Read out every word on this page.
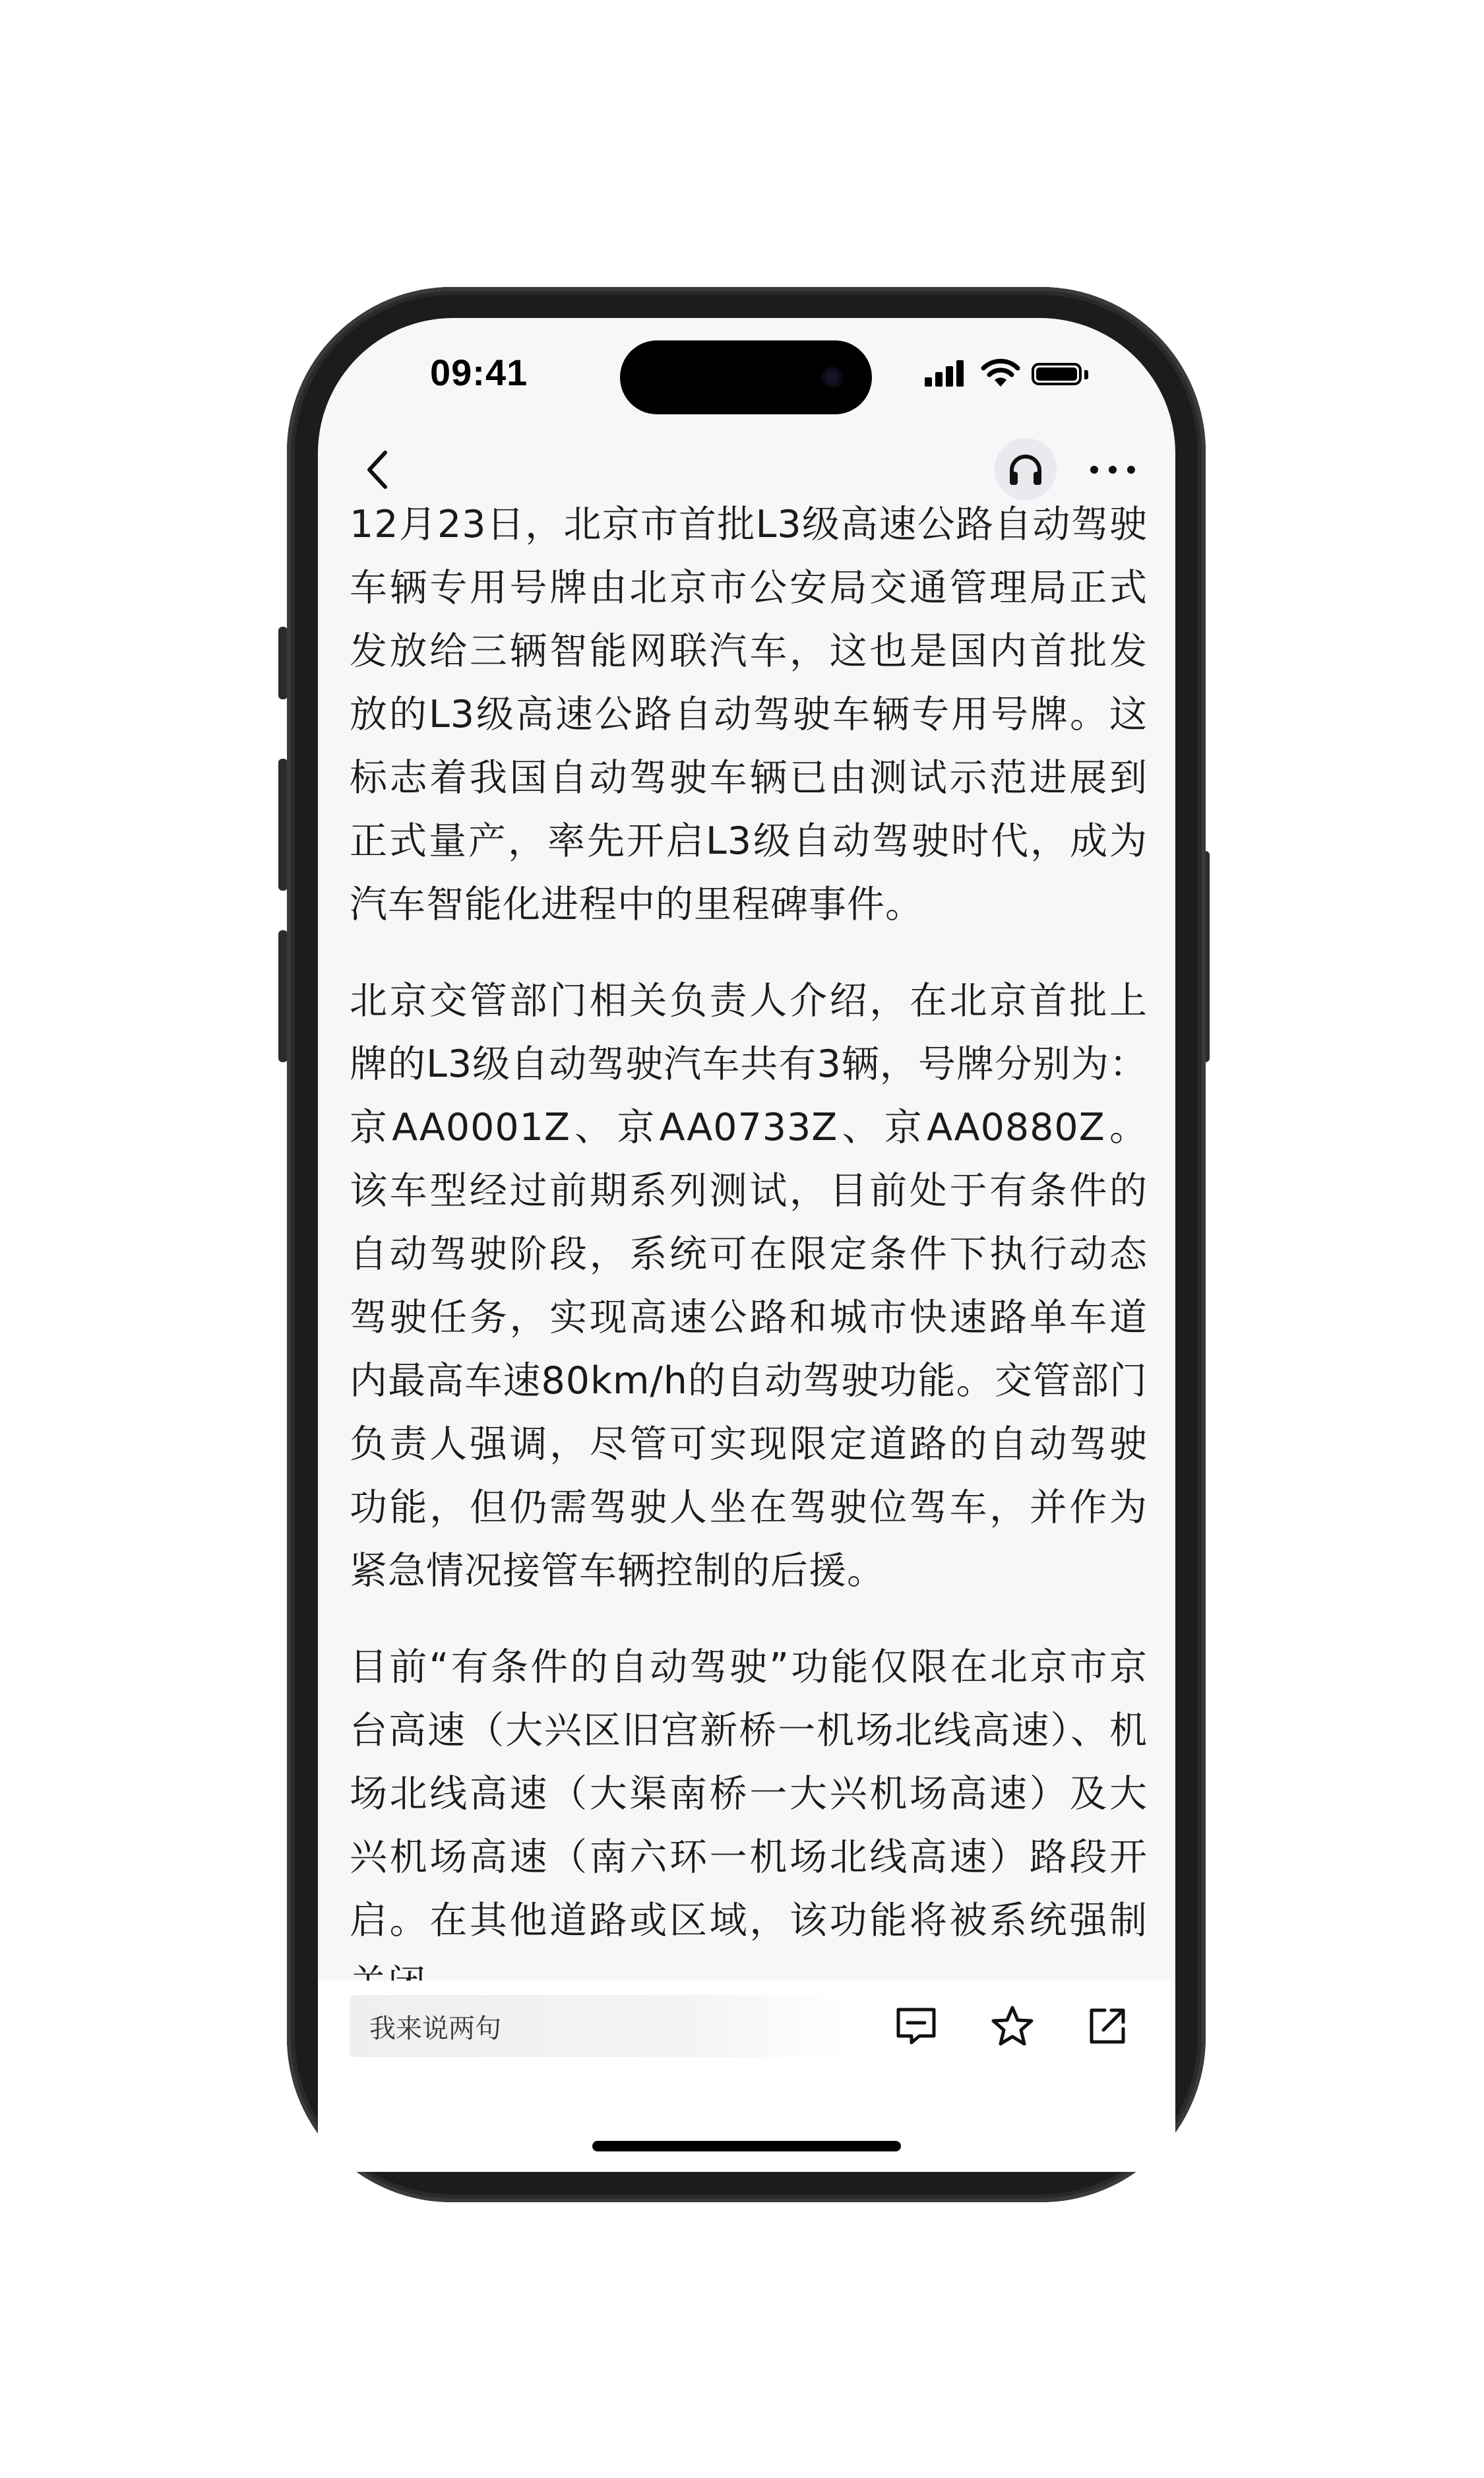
09:41

12月23日，北京市首批L3级高速公路自动驾驶车辆专用号牌由北京市公安局交通管理局正式发放给三辆智能网联汽车，这也是国内首批发放的L3级高速公路自动驾驶车辆专用号牌。这标志着我国自动驾驶车辆已由测试示范进展到正式量产，率先开启L3级自动驾驶时代，成为汽车智能化进程中的里程碑事件。

北京交管部门相关负责人介绍，在北京首批上牌的L3级自动驾驶汽车共有3辆，号牌分别为：京AA0001Z、京AA0733Z、京AA0880Z。该车型经过前期系列测试，目前处于有条件的自动驾驶阶段，系统可在限定条件下执行动态驾驶任务，实现高速公路和城市快速路单车道内最高车速80km/h的自动驾驶功能。交管部门负责人强调，尽管可实现限定道路的自动驾驶功能，但仍需驾驶人坐在驾驶位驾车，并作为紧急情况接管车辆控制的后援。

目前“有条件的自动驾驶”功能仅限在北京市京台高速（大兴区旧宫新桥一机场北线高速）、机场北线高速（大渠南桥一大兴机场高速）及大兴机场高速（南六环一机场北线高速）路段开启。在其他道路或区域，该功能将被系统强制

我来说两句
